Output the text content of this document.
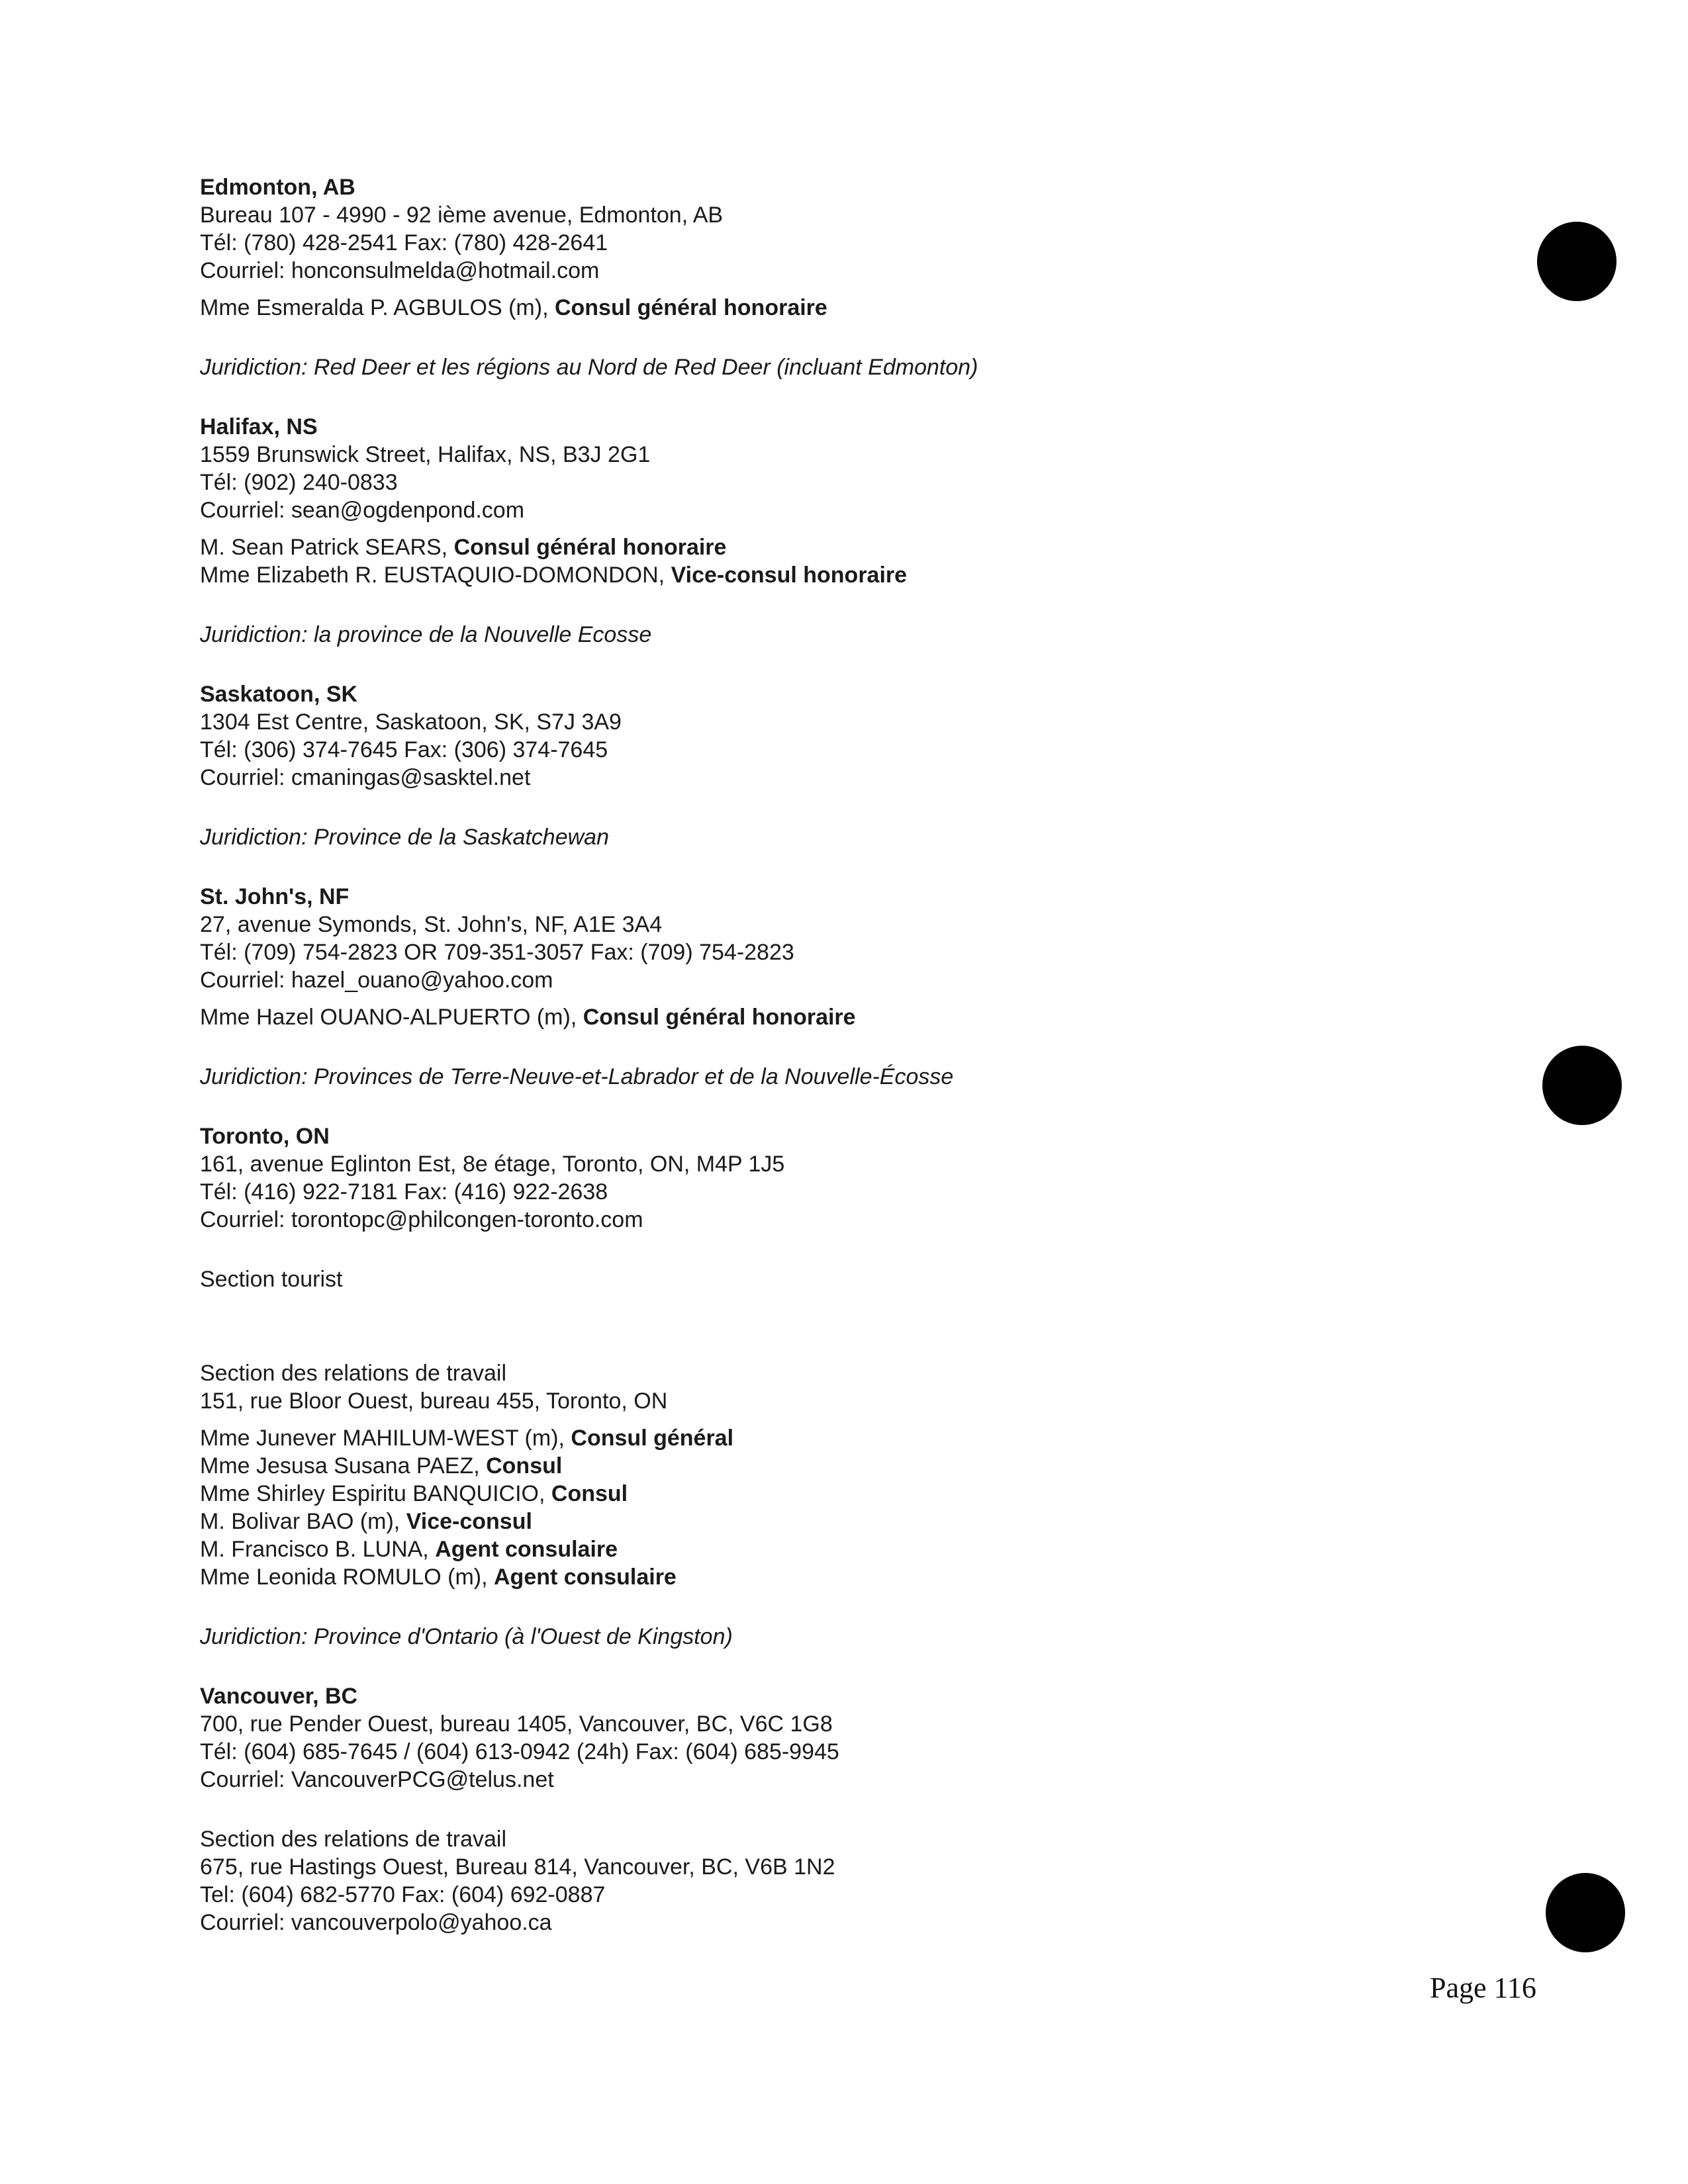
Edmonton, AB
Bureau 107 - 4990 - 92 ième avenue, Edmonton, AB
Tél: (780) 428-2541 Fax: (780) 428-2641
Courriel: honconsulmelda@hotmail.com
Mme Esmeralda P. AGBULOS (m), Consul général honoraire
Juridiction: Red Deer et les régions au Nord de Red Deer (incluant Edmonton)
Halifax, NS
1559 Brunswick Street, Halifax, NS, B3J 2G1
Tél: (902) 240-0833
Courriel: sean@ogdenpond.com
M. Sean Patrick SEARS, Consul général honoraire
Mme Elizabeth R. EUSTAQUIO-DOMONDON, Vice-consul honoraire
Juridiction: la province de la Nouvelle Ecosse
Saskatoon, SK
1304 Est Centre, Saskatoon, SK, S7J 3A9
Tél: (306) 374-7645 Fax: (306) 374-7645
Courriel: cmaningas@sasktel.net
Juridiction: Province de la Saskatchewan
St. John's, NF
27, avenue Symonds, St. John's, NF, A1E 3A4
Tél: (709) 754-2823 OR 709-351-3057 Fax: (709) 754-2823
Courriel: hazel_ouano@yahoo.com
Mme Hazel OUANO-ALPUERTO (m), Consul général honoraire
Juridiction: Provinces de Terre-Neuve-et-Labrador et de la Nouvelle-Écosse
Toronto, ON
161, avenue Eglinton Est, 8e étage, Toronto, ON, M4P 1J5
Tél: (416) 922-7181 Fax: (416) 922-2638
Courriel: torontopc@philcongen-toronto.com
Section tourist
Section des relations de travail
151, rue Bloor Ouest, bureau 455, Toronto, ON
Mme Junever MAHILUM-WEST (m), Consul général
Mme Jesusa Susana PAEZ, Consul
Mme Shirley Espiritu BANQUICIO, Consul
M. Bolivar BAO (m), Vice-consul
M. Francisco B. LUNA, Agent consulaire
Mme Leonida ROMULO (m), Agent consulaire
Juridiction: Province d'Ontario (à l'Ouest de Kingston)
Vancouver, BC
700, rue Pender Ouest, bureau 1405, Vancouver, BC, V6C 1G8
Tél: (604) 685-7645 / (604) 613-0942 (24h) Fax: (604) 685-9945
Courriel: VancouverPCG@telus.net
Section des relations de travail
675, rue Hastings Ouest, Bureau 814, Vancouver, BC, V6B 1N2
Tel: (604) 682-5770 Fax: (604) 692-0887
Courriel: vancouverpolo@yahoo.ca
Page 116
